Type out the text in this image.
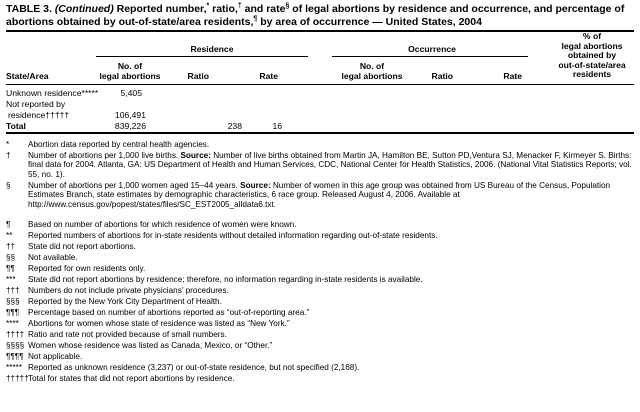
TABLE 3. (Continued) Reported number,* ratio,† and rate§ of legal abortions by residence and occurrence, and percentage of abortions obtained by out-of-state/area residents,¶ by area of occurrence — United States, 2004
Residence	Occurrence
% of
legal abortions
obtained by
out-of-state/area
residents
State/Area
No. of
legal abortions	Ratio	Rate
No. of
legal abortions	Ratio	Rate
Unknown residence*****	5,405
Not reported by
residence†††††	106,491
Total	839,226	238	16
* Abortion data reported by central health agencies.
† Number of abortions per 1,000 live births. Source: Number of live births obtained from Martin JA, Hamilton BE, Sutton PD,Ventura SJ, Menacker F, Kirmeyer S. Births: final data for 2004. Atlanta, GA: US Department of Health and Human Services, CDC, National Center for Health Statistics, 2006. (National Vital Statistics Reports; vol. 55, no. 1).
§ Number of abortions per 1,000 women aged 15–44 years. Source: Number of women in this age group was obtained from US Bureau of the Census, Population Estimates Branch, state estimates by demographic characteristics, 6 race group. Released August 4, 2006. Available at http://www.census.gov/popest/states/files/SC_EST2005_alldata6.txt.
¶ Based on number of abortions for which residence of women were known.
** Reported numbers of abortions for in-state residents without detailed information regarding out-of-state residents.
†† State did not report abortions.
§§ Not available.
¶¶ Reported for own residents only.
*** State did not report abortions by residence; therefore, no information regarding in-state residents is available.
††† Numbers do not include private physicians’ procedures.
§§§ Reported by the New York City Department of Health.
¶¶¶ Percentage based on number of abortions reported as “out-of-reporting area.”
**** Abortions for women whose state of residence was listed as “New York.”
†††† Ratio and rate not provided because of small numbers.
§§§§ Women whose residence was listed as Canada, Mexico, or “Other.”
¶¶¶¶ Not applicable.
***** Reported as unknown residence (3,237) or out-of-state residence, but not specified (2,168).
††††† Total for states that did not report abortions by residence.
